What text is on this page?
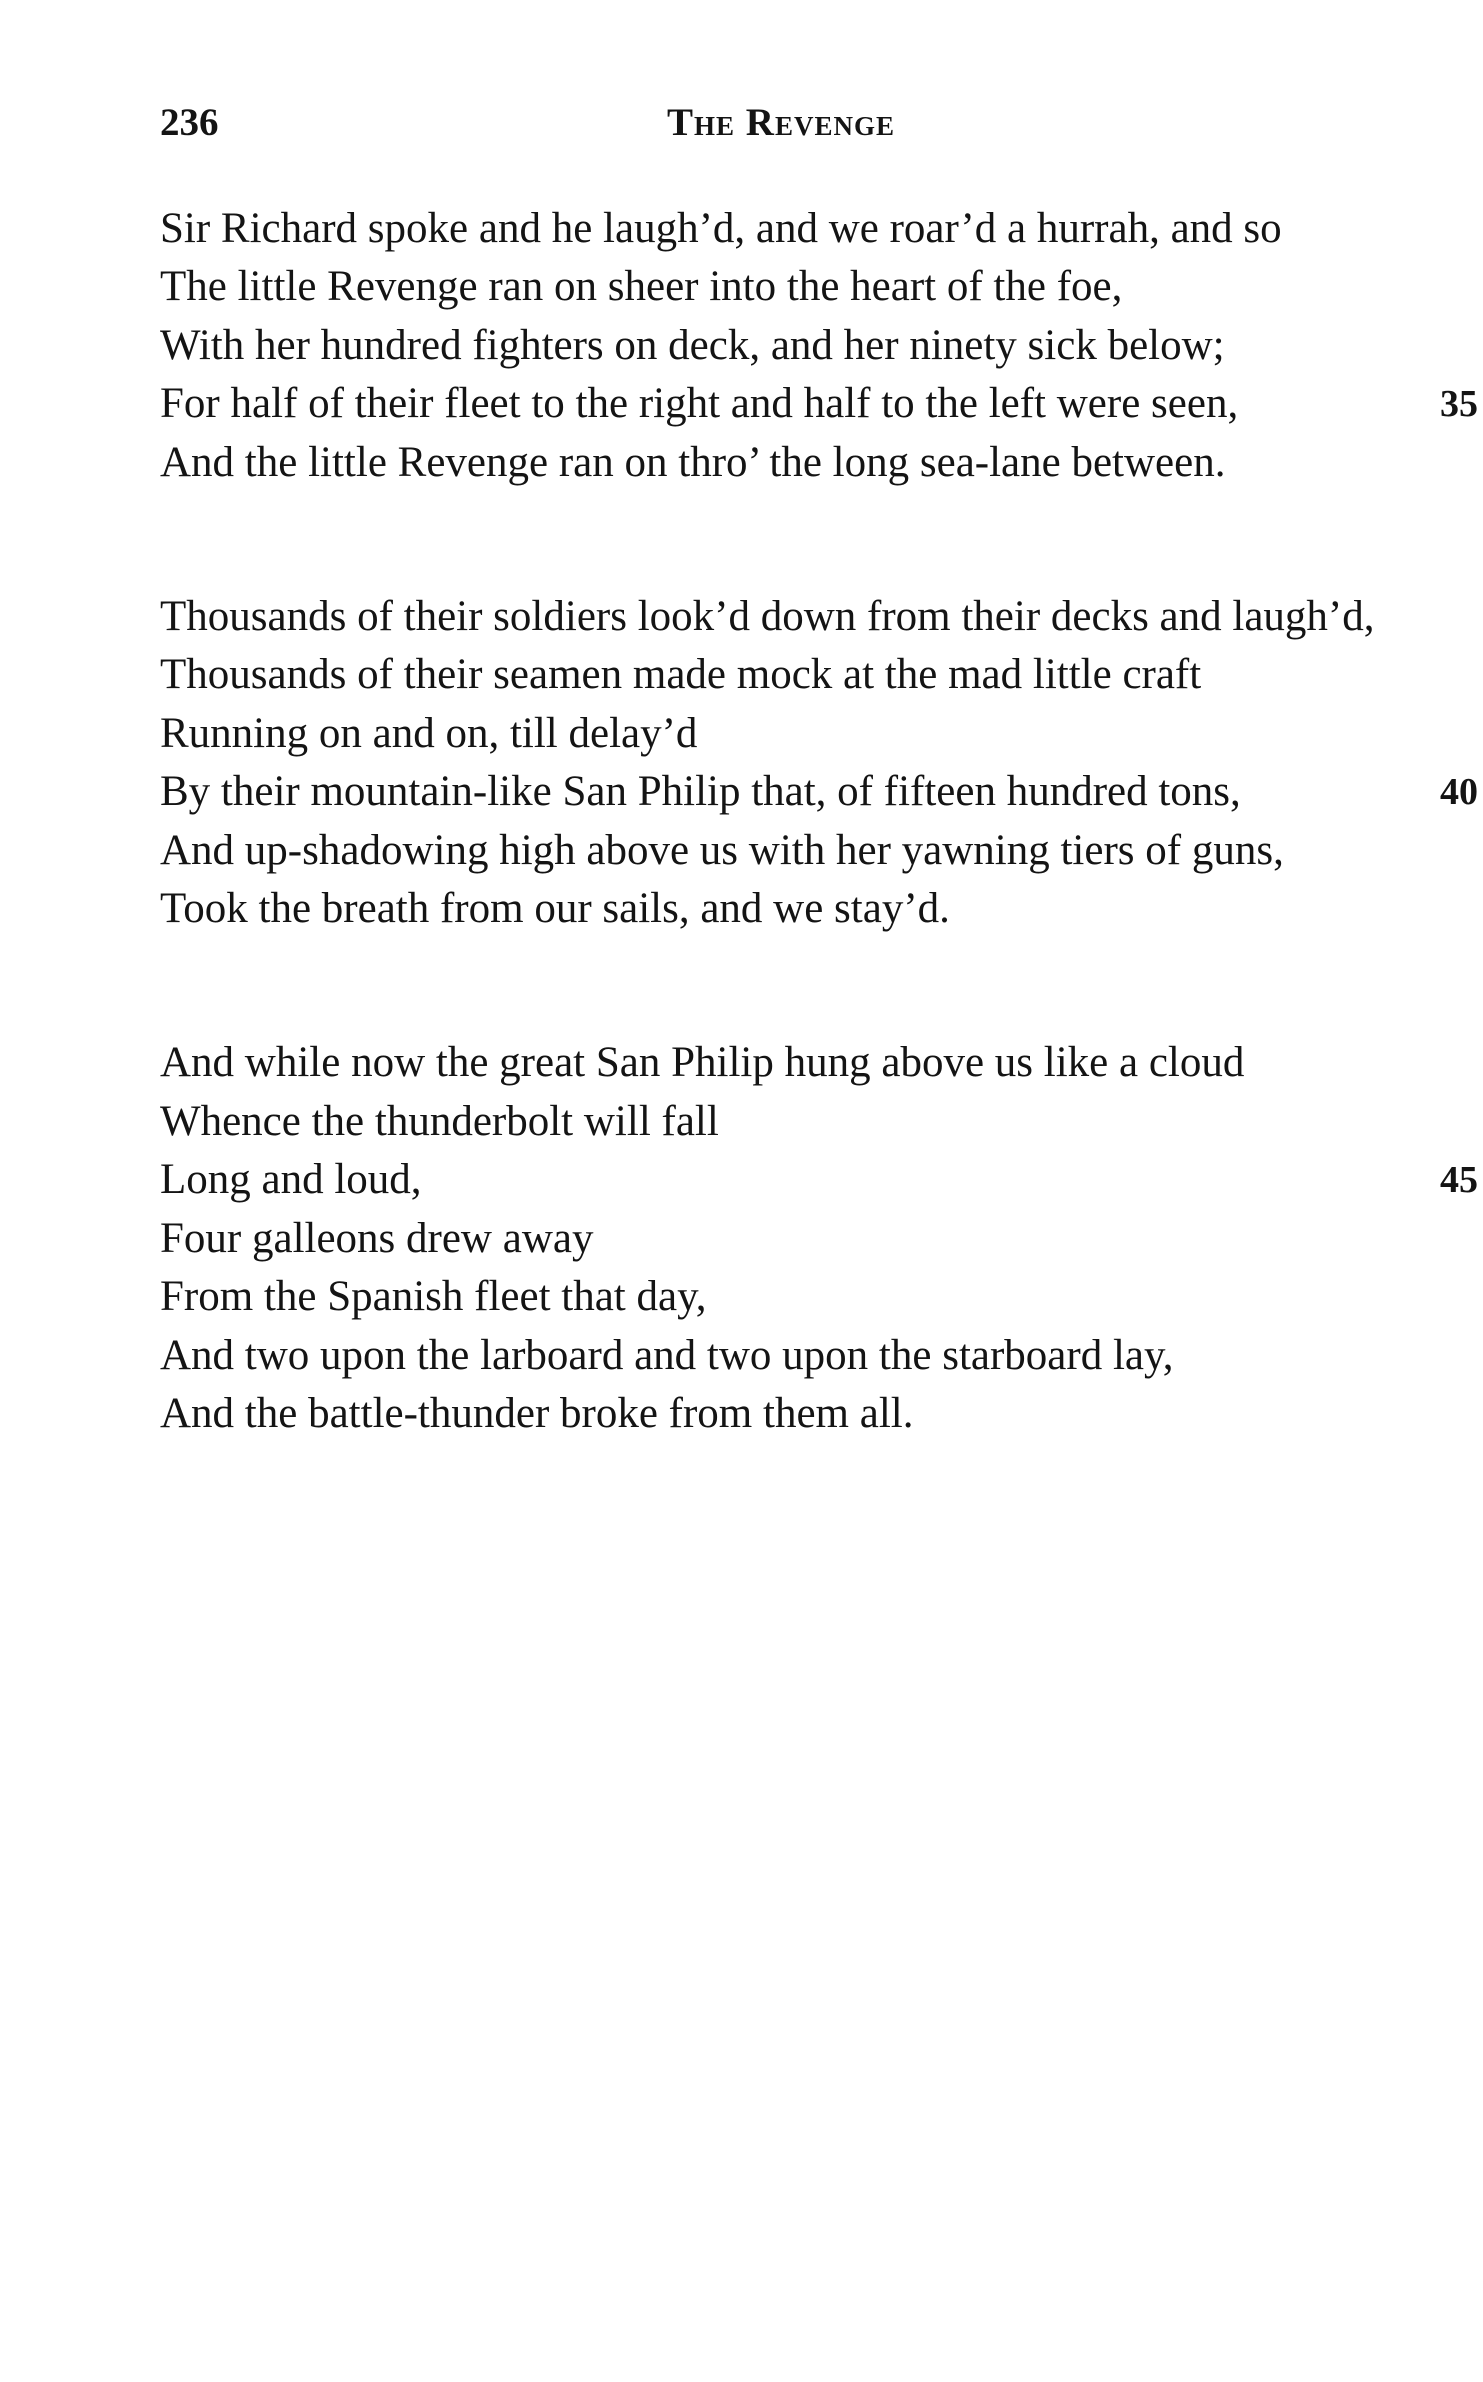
236	The Revenge
Sir Richard spoke and he laugh’d, and we roar’d a hurrah, and so
The little Revenge ran on sheer into the heart of the foe,
With her hundred fighters on deck, and her ninety sick below;
For half of their fleet to the right and half to the left were seen,	35
And the little Revenge ran on thro’ the long sea-lane between.
Thousands of their soldiers look’d down from their decks and laugh’d,
Thousands of their seamen made mock at the mad little craft
Running on and on, till delay’d
By their mountain-like San Philip that, of fifteen hundred tons,	40
And up-shadowing high above us with her yawning tiers of guns,
Took the breath from our sails, and we stay’d.
And while now the great San Philip hung above us like a cloud
Whence the thunderbolt will fall
Long and loud,	45
Four galleons drew away
From the Spanish fleet that day,
And two upon the larboard and two upon the starboard lay,
And the battle-thunder broke from them all.
